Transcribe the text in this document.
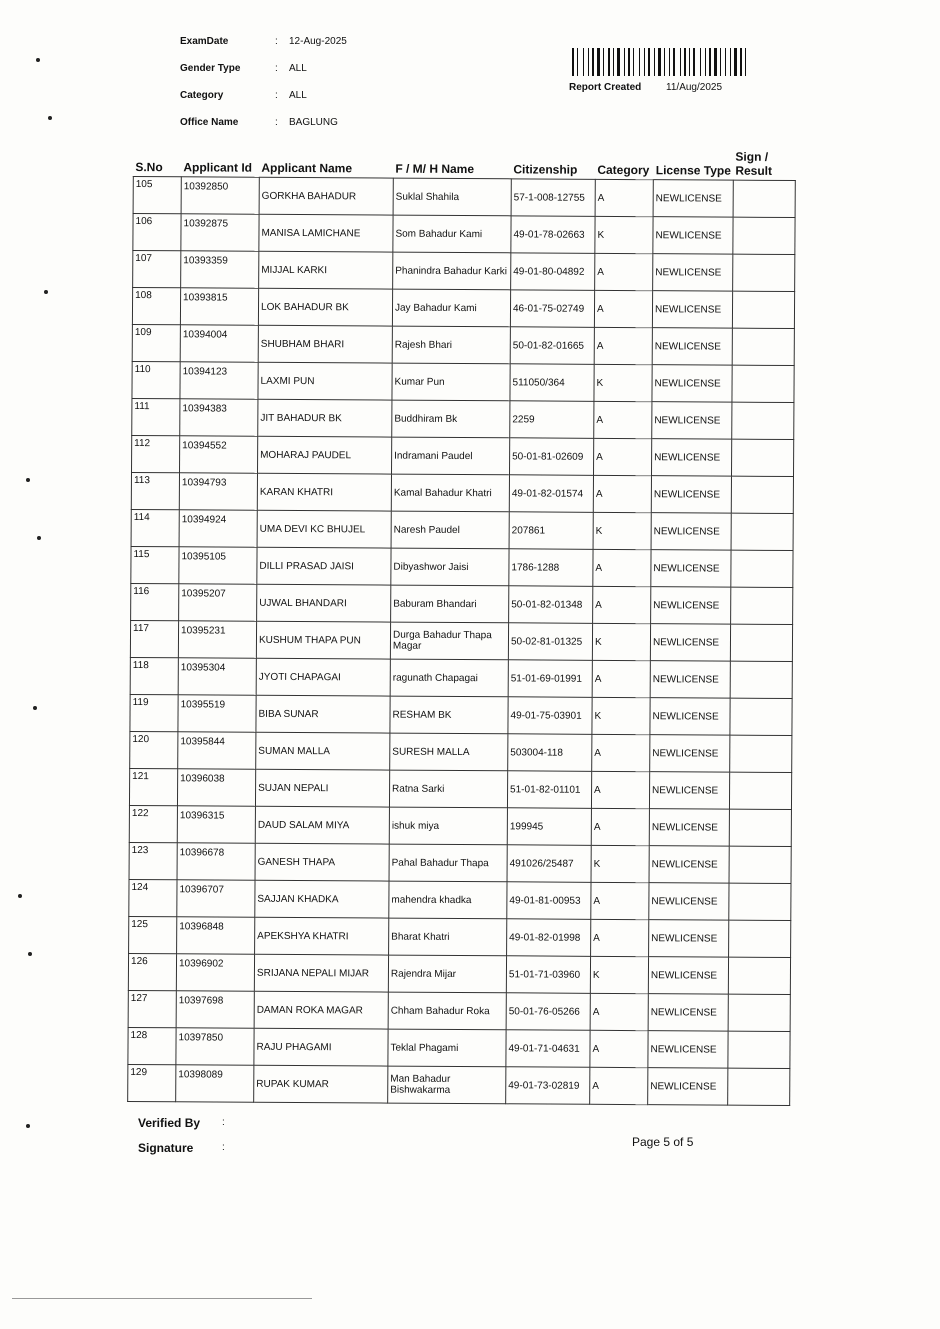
ExamDate	:	12-Aug-2025
Gender Type	:	ALL
Category	:	ALL
Office Name	:	BAGLUNG
Report Created 11/Aug/2025
S.No	Applicant Id	Applicant Name	F / M/ H Name	Citizenship	Category	License Type	Sign / Result
105	10392850	GORKHA BAHADUR	Suklal Shahila	57-1-008-12755	A	NEWLICENSE	
106	10392875	MANISA LAMICHANE	Som Bahadur Kami	49-01-78-02663	K	NEWLICENSE	
107	10393359	MIJJAL KARKI	Phanindra Bahadur Karki	49-01-80-04892	A	NEWLICENSE	
108	10393815	LOK BAHADUR BK	Jay Bahadur Kami	46-01-75-02749	A	NEWLICENSE	
109	10394004	SHUBHAM BHARI	Rajesh Bhari	50-01-82-01665	A	NEWLICENSE	
110	10394123	LAXMI PUN	Kumar Pun	511050/364	K	NEWLICENSE	
111	10394383	JIT BAHADUR BK	Buddhiram Bk	2259	A	NEWLICENSE	
112	10394552	MOHARAJ PAUDEL	Indramani Paudel	50-01-81-02609	A	NEWLICENSE	
113	10394793	KARAN KHATRI	Kamal Bahadur Khatri	49-01-82-01574	A	NEWLICENSE	
114	10394924	UMA DEVI KC BHUJEL	Naresh Paudel	207861	K	NEWLICENSE	
115	10395105	DILLI PRASAD JAISI	Dibyashwor Jaisi	1786-1288	A	NEWLICENSE	
116	10395207	UJWAL BHANDARI	Baburam Bhandari	50-01-82-01348	A	NEWLICENSE	
117	10395231	KUSHUM THAPA PUN	Durga Bahadur Thapa Magar	50-02-81-01325	K	NEWLICENSE	
118	10395304	JYOTI CHAPAGAI	ragunath Chapagai	51-01-69-01991	A	NEWLICENSE	
119	10395519	BIBA SUNAR	RESHAM BK	49-01-75-03901	K	NEWLICENSE	
120	10395844	SUMAN MALLA	SURESH MALLA	503004-118	A	NEWLICENSE	
121	10396038	SUJAN NEPALI	Ratna Sarki	51-01-82-01101	A	NEWLICENSE	
122	10396315	DAUD SALAM MIYA	ishuk miya	199945	A	NEWLICENSE	
123	10396678	GANESH THAPA	Pahal Bahadur Thapa	491026/25487	K	NEWLICENSE	
124	10396707	SAJJAN KHADKA	mahendra khadka	49-01-81-00953	A	NEWLICENSE	
125	10396848	APEKSHYA KHATRI	Bharat Khatri	49-01-82-01998	A	NEWLICENSE	
126	10396902	SRIJANA NEPALI MIJAR	Rajendra Mijar	51-01-71-03960	K	NEWLICENSE	
127	10397698	DAMAN ROKA MAGAR	Chham Bahadur Roka	50-01-76-05266	A	NEWLICENSE	
128	10397850	RAJU PHAGAMI	Teklal Phagami	49-01-71-04631	A	NEWLICENSE	
129	10398089	RUPAK KUMAR	Man Bahadur Bishwakarma	49-01-73-02819	A	NEWLICENSE	
Verified By	:
Signature	:	Page 5 of 5
